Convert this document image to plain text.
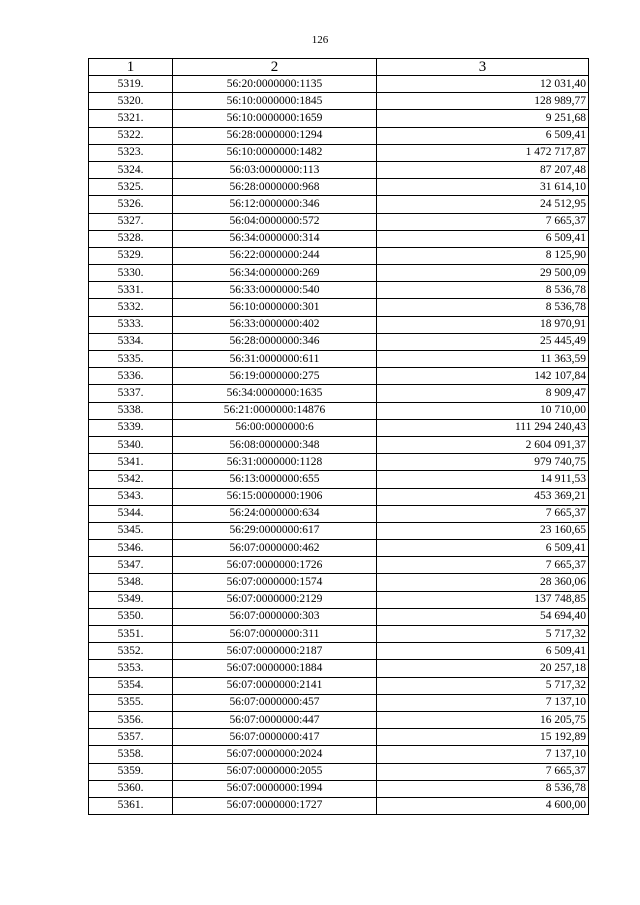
126
1	2	3
5319.	56:20:0000000:1135	12 031,40
5320.	56:10:0000000:1845	128 989,77
5321.	56:10:0000000:1659	9 251,68
5322.	56:28:0000000:1294	6 509,41
5323.	56:10:0000000:1482	1 472 717,87
5324.	56:03:0000000:113	87 207,48
5325.	56:28:0000000:968	31 614,10
5326.	56:12:0000000:346	24 512,95
5327.	56:04:0000000:572	7 665,37
5328.	56:34:0000000:314	6 509,41
5329.	56:22:0000000:244	8 125,90
5330.	56:34:0000000:269	29 500,09
5331.	56:33:0000000:540	8 536,78
5332.	56:10:0000000:301	8 536,78
5333.	56:33:0000000:402	18 970,91
5334.	56:28:0000000:346	25 445,49
5335.	56:31:0000000:611	11 363,59
5336.	56:19:0000000:275	142 107,84
5337.	56:34:0000000:1635	8 909,47
5338.	56:21:0000000:14876	10 710,00
5339.	56:00:0000000:6	111 294 240,43
5340.	56:08:0000000:348	2 604 091,37
5341.	56:31:0000000:1128	979 740,75
5342.	56:13:0000000:655	14 911,53
5343.	56:15:0000000:1906	453 369,21
5344.	56:24:0000000:634	7 665,37
5345.	56:29:0000000:617	23 160,65
5346.	56:07:0000000:462	6 509,41
5347.	56:07:0000000:1726	7 665,37
5348.	56:07:0000000:1574	28 360,06
5349.	56:07:0000000:2129	137 748,85
5350.	56:07:0000000:303	54 694,40
5351.	56:07:0000000:311	5 717,32
5352.	56:07:0000000:2187	6 509,41
5353.	56:07:0000000:1884	20 257,18
5354.	56:07:0000000:2141	5 717,32
5355.	56:07:0000000:457	7 137,10
5356.	56:07:0000000:447	16 205,75
5357.	56:07:0000000:417	15 192,89
5358.	56:07:0000000:2024	7 137,10
5359.	56:07:0000000:2055	7 665,37
5360.	56:07:0000000:1994	8 536,78
5361.	56:07:0000000:1727	4 600,00
